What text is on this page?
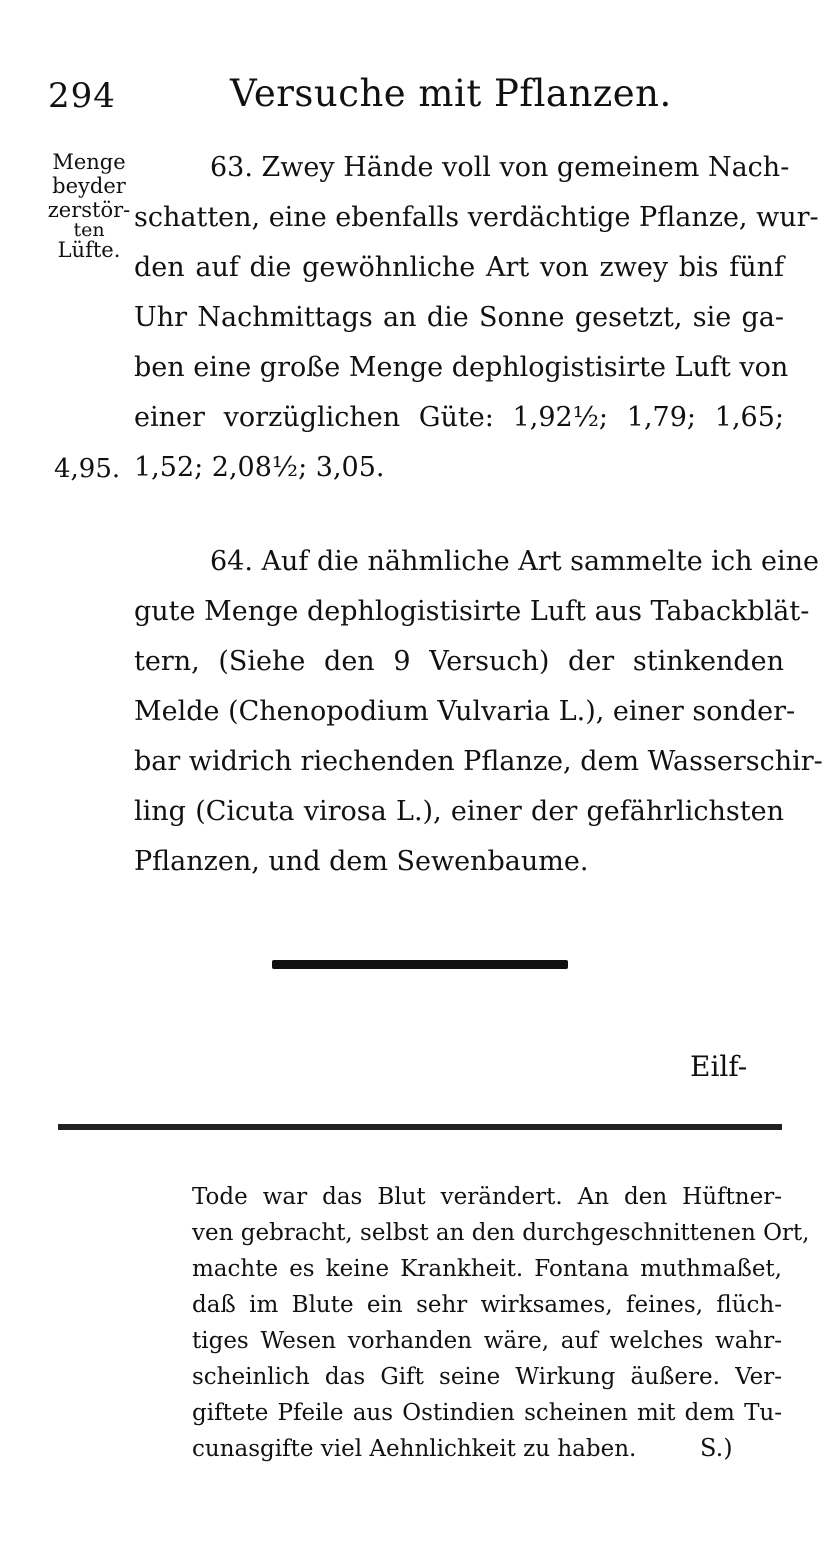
294	Versuche mit Pflanzen.
Menge
beyder
zerstör-
ten
Lüfte.
63. Zwey Hände voll von gemeinem Nach-
schatten, eine ebenfalls verdächtige Pflanze, wur-
den auf die gewöhnliche Art von zwey bis fünf
Uhr Nachmittags an die Sonne gesetzt, sie ga-
ben eine große Menge dephlogistisirte Luft von
einer vorzüglichen Güte: 1,92½; 1,79; 1,65;
1,52; 2,08½; 3,05.
4,95.
64. Auf die nähmliche Art sammelte ich eine
gute Menge dephlogistisirte Luft aus Tabackblät-
tern, (Siehe den 9 Versuch) der stinkenden
Melde (Chenopodium Vulvaria L.), einer sonder-
bar widrich riechenden Pflanze, dem Wasserschir-
ling (Cicuta virosa L.), einer der gefährlichsten
Pflanzen, und dem Sewenbaume.
Eilf-
Tode war das Blut verändert. An den Hüftner-
ven gebracht, selbst an den durchgeschnittenen Ort,
machte es keine Krankheit. Fontana muthmaßet,
daß im Blute ein sehr wirksames, feines, flüch-
tiges Wesen vorhanden wäre, auf welches wahr-
scheinlich das Gift seine Wirkung äußere. Ver-
giftete Pfeile aus Ostindien scheinen mit dem Tu-
cunasgifte viel Aehnlichkeit zu haben.	S.)
